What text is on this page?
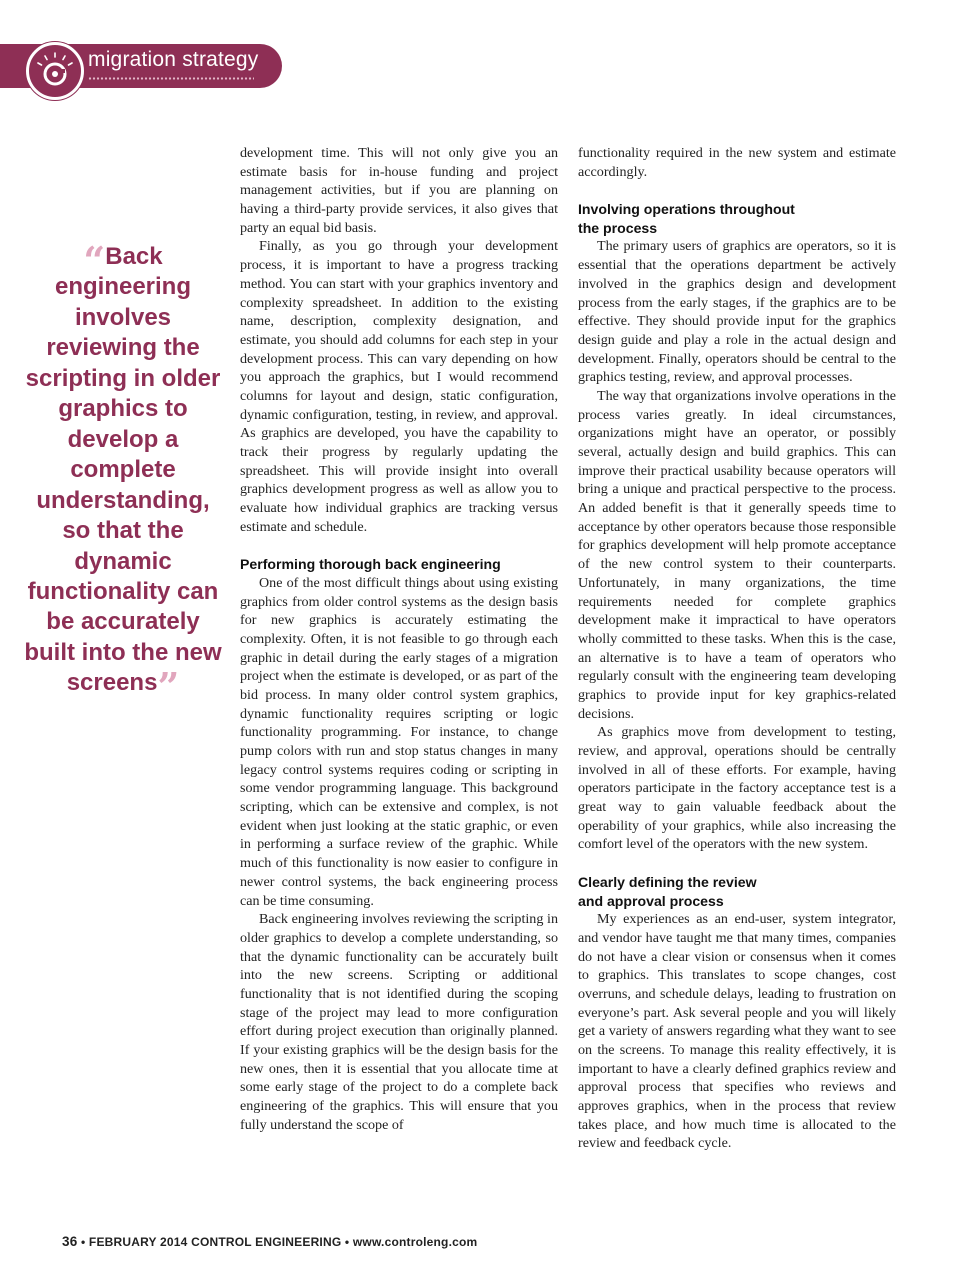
migration strategy
“Back engineering involves reviewing the scripting in older graphics to develop a complete understanding, so that the dynamic functionality can be accurately built into the new screens”

development time. This will not only give you an estimate basis for in-house funding and project management activities, but if you are planning on having a third-party provide services, it also gives that party an equal bid basis.

Finally, as you go through your development process, it is important to have a progress tracking method. You can start with your graphics inventory and complexity spreadsheet. In addition to the existing name, description, complexity designation, and estimate, you should add columns for each step in your development process. This can vary depending on how you approach the graphics, but I would recommend columns for layout and design, static configuration, dynamic configuration, testing, in review, and approval. As graphics are developed, you have the capability to track their progress by regularly updating the spreadsheet. This will provide insight into overall graphics development progress as well as allow you to evaluate how individual graphics are tracking versus estimate and schedule.

Performing thorough back engineering

One of the most difficult things about using existing graphics from older control systems as the design basis for new graphics is accurately estimating the complexity. Often, it is not feasible to go through each graphic in detail during the early stages of a migration project when the estimate is developed, or as part of the bid process. In many older control system graphics, dynamic functionality requires scripting or logic functionality programming. For instance, to change pump colors with run and stop status changes in many legacy control systems requires coding or scripting in some vendor programming language. This background scripting, which can be extensive and complex, is not evident when just looking at the static graphic, or even in performing a surface review of the graphic. While much of this functionality is now easier to configure in newer control systems, the back engineering process can be time consuming.

Back engineering involves reviewing the scripting in older graphics to develop a complete understanding, so that the dynamic functionality can be accurately built into the new screens. Scripting or additional functionality that is not identified during the scoping stage of the project may lead to more configuration effort during project execution than originally planned. If your existing graphics will be the design basis for the new ones, then it is essential that you allocate time at some early stage of the project to do a complete back engineering of the graphics. This will ensure that you fully understand the scope of

functionality required in the new system and estimate accordingly.

Involving operations throughout
the process

The primary users of graphics are operators, so it is essential that the operations department be actively involved in the graphics design and development process from the early stages, if the graphics are to be effective. They should provide input for the graphics design guide and play a role in the actual design and development. Finally, operators should be central to the graphics testing, review, and approval processes.

The way that organizations involve operations in the process varies greatly. In ideal circumstances, organizations might have an operator, or possibly several, actually design and build graphics. This can improve their practical usability because operators will bring a unique and practical perspective to the process. An added benefit is that it generally speeds time to acceptance by other operators because those responsible for graphics development will help promote acceptance of the new control system to their counterparts. Unfortunately, in many organizations, the time requirements needed for complete graphics development make it impractical to have operators wholly committed to these tasks. When this is the case, an alternative is to have a team of operators who regularly consult with the engineering team developing graphics to provide input for key graphics-related decisions.

As graphics move from development to testing, review, and approval, operations should be centrally involved in all of these efforts. For example, having operators participate in the factory acceptance test is a great way to gain valuable feedback about the operability of your graphics, while also increasing the comfort level of the operators with the new system.

Clearly defining the review
and approval process

My experiences as an end-user, system integrator, and vendor have taught me that many times, companies do not have a clear vision or consensus when it comes to graphics. This translates to scope changes, cost overruns, and schedule delays, leading to frustration on everyone’s part. Ask several people and you will likely get a variety of answers regarding what they want to see on the screens. To manage this reality effectively, it is important to have a clearly defined graphics review and approval process that specifies who reviews and approves graphics, when in the process that review takes place, and how much time is allocated to the review and feedback cycle.

36 • FEBRUARY 2014 CONTROL ENGINEERING • www.controleng.com
